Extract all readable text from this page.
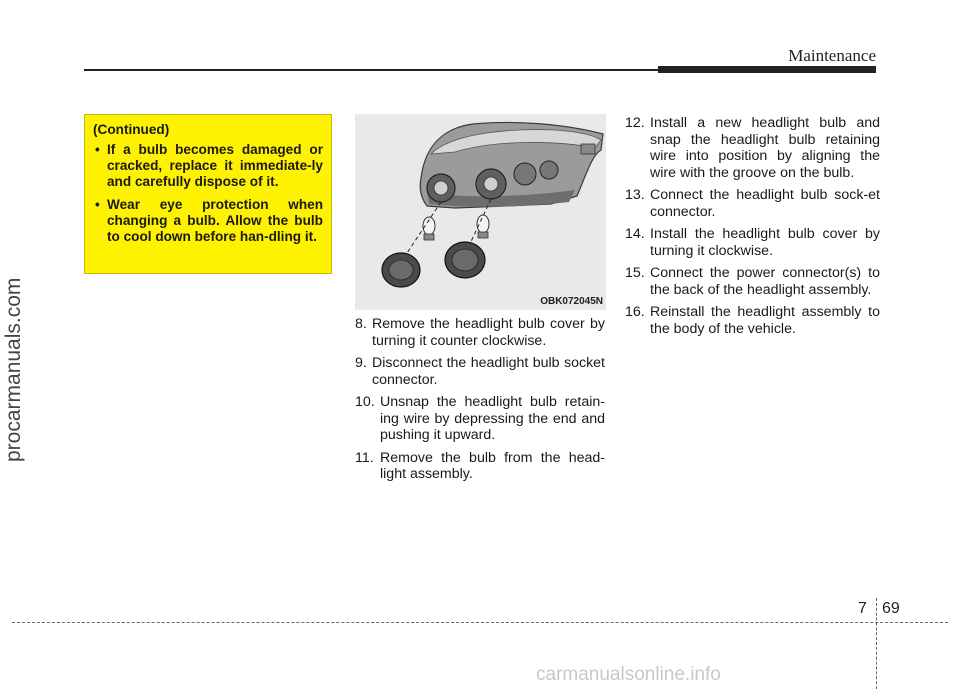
Maintenance
procarmanuals.com
(Continued)
• If a bulb becomes damaged or cracked, replace it immediate-ly and carefully dispose of it.
• Wear eye protection when changing a bulb. Allow the bulb to cool down before han-dling it.
OBK072045N
8. Remove the headlight bulb cover by turning it counter clockwise.
9. Disconnect the headlight bulb socket connector.
10. Unsnap the headlight bulb retain-ing wire by depressing the end and pushing it upward.
11. Remove the bulb from the head-light assembly.
12. Install a new headlight bulb and snap the headlight bulb retaining wire into position by aligning the wire with the groove on the bulb.
13. Connect the headlight bulb sock-et connector.
14. Install the headlight bulb cover by turning it clockwise.
15. Connect the power connector(s) to the back of the headlight assembly.
16. Reinstall the headlight assembly to the body of the vehicle.
7 69
carmanualsonline.info
